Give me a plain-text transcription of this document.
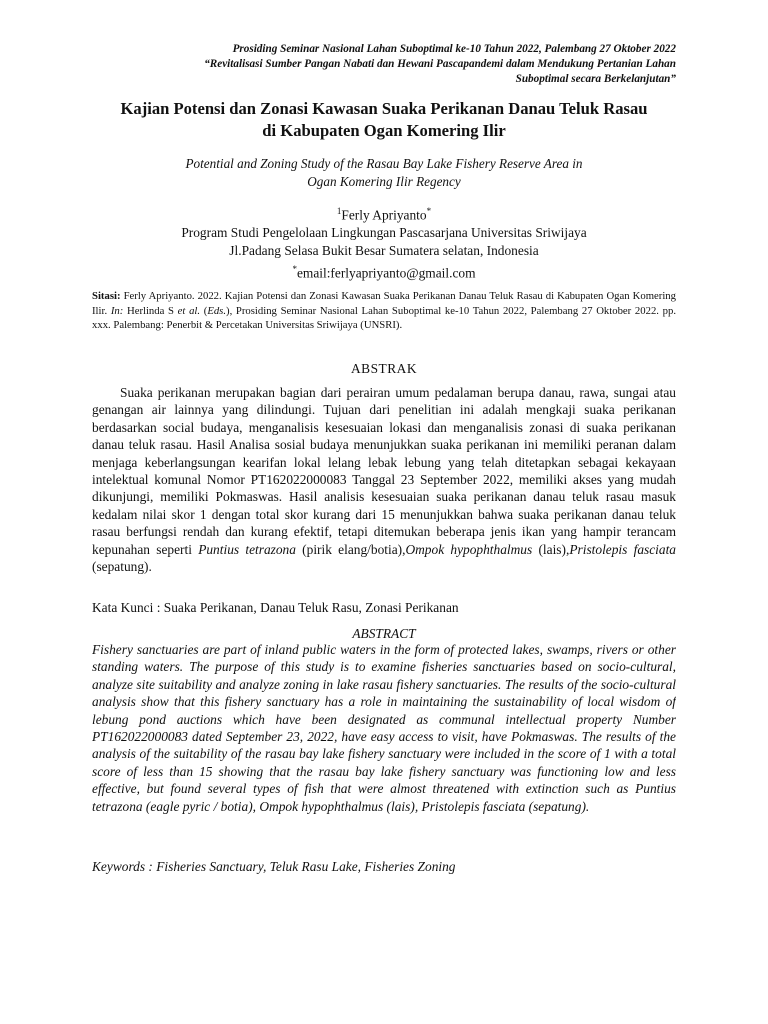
Prosiding Seminar Nasional Lahan Suboptimal ke-10 Tahun 2022, Palembang 27 Oktober 2022
“Revitalisasi Sumber Pangan Nabati dan Hewani Pascapandemi dalam Mendukung Pertanian Lahan
Suboptimal secara Berkelanjutan”
Kajian Potensi dan Zonasi Kawasan Suaka Perikanan Danau Teluk Rasau
di Kabupaten Ogan Komering Ilir
Potential and Zoning Study of the Rasau Bay Lake Fishery Reserve Area in
Ogan Komering Ilir Regency
$^1$Ferly Apriyanto*
Program Studi Pengelolaan Lingkungan Pascasarjana Universitas Sriwijaya
Jl.Padang Selasa Bukit Besar Sumatera selatan, Indonesia
*email:ferlyapriyanto@gmail.com
Sitasi: Ferly Apriyanto. 2022. Kajian Potensi dan Zonasi Kawasan Suaka Perikanan Danau Teluk Rasau di Kabupaten Ogan Komering Ilir. In: Herlinda S et al. (Eds.), Prosiding Seminar Nasional Lahan Suboptimal ke-10 Tahun 2022, Palembang 27 Oktober 2022. pp. xxx. Palembang: Penerbit & Percetakan Universitas Sriwijaya (UNSRI).
ABSTRAK
Suaka perikanan merupakan bagian dari perairan umum pedalaman berupa danau, rawa, sungai atau genangan air lainnya yang dilindungi. Tujuan dari penelitian ini adalah mengkaji suaka perikanan berdasarkan social budaya, menganalisis kesesuaian lokasi dan menganalisis zonasi di suaka perikanan danau teluk rasau. Hasil Analisa sosial budaya menunjukkan suaka perikanan ini memiliki peranan dalam menjaga keberlangsungan kearifan lokal lelang lebak lebung yang telah ditetapkan sebagai kekayaan intelektual komunal Nomor PT162022000083 Tanggal 23 September 2022, memiliki akses yang mudah dikunjungi, memiliki Pokmaswas. Hasil analisis kesesuaian suaka perikanan danau teluk rasau masuk kedalam nilai skor 1 dengan total skor kurang dari 15 menunjukkan bahwa suaka perikanan danau teluk rasau berfungsi rendah dan kurang efektif, tetapi ditemukan beberapa jenis ikan yang hampir terancam kepunahan seperti Puntius tetrazona (pirik elang/botia),Ompok hypophthalmus (lais),Pristolepis fasciata (sepatung).
Kata Kunci : Suaka Perikanan, Danau Teluk Rasu, Zonasi Perikanan
ABSTRACT
Fishery sanctuaries are part of inland public waters in the form of protected lakes, swamps, rivers or other standing waters. The purpose of this study is to examine fisheries sanctuaries based on socio-cultural, analyze site suitability and analyze zoning in lake rasau fishery sanctuaries. The results of the socio-cultural analysis show that this fishery sanctuary has a role in maintaining the sustainability of local wisdom of lebung pond auctions which have been designated as communal intellectual property Number PT162022000083 dated September 23, 2022, have easy access to visit, have Pokmaswas. The results of the analysis of the suitability of the rasau bay lake fishery sanctuary were included in the score of 1 with a total score of less than 15 showing that the rasau bay lake fishery sanctuary was functioning low and less effective, but found several types of fish that were almost threatened with extinction such as Puntius tetrazona (eagle pyric / botia), Ompok hypophthalmus (lais), Pristolepis fasciata (sepatung).
Keywords : Fisheries Sanctuary, Teluk Rasu Lake, Fisheries Zoning
